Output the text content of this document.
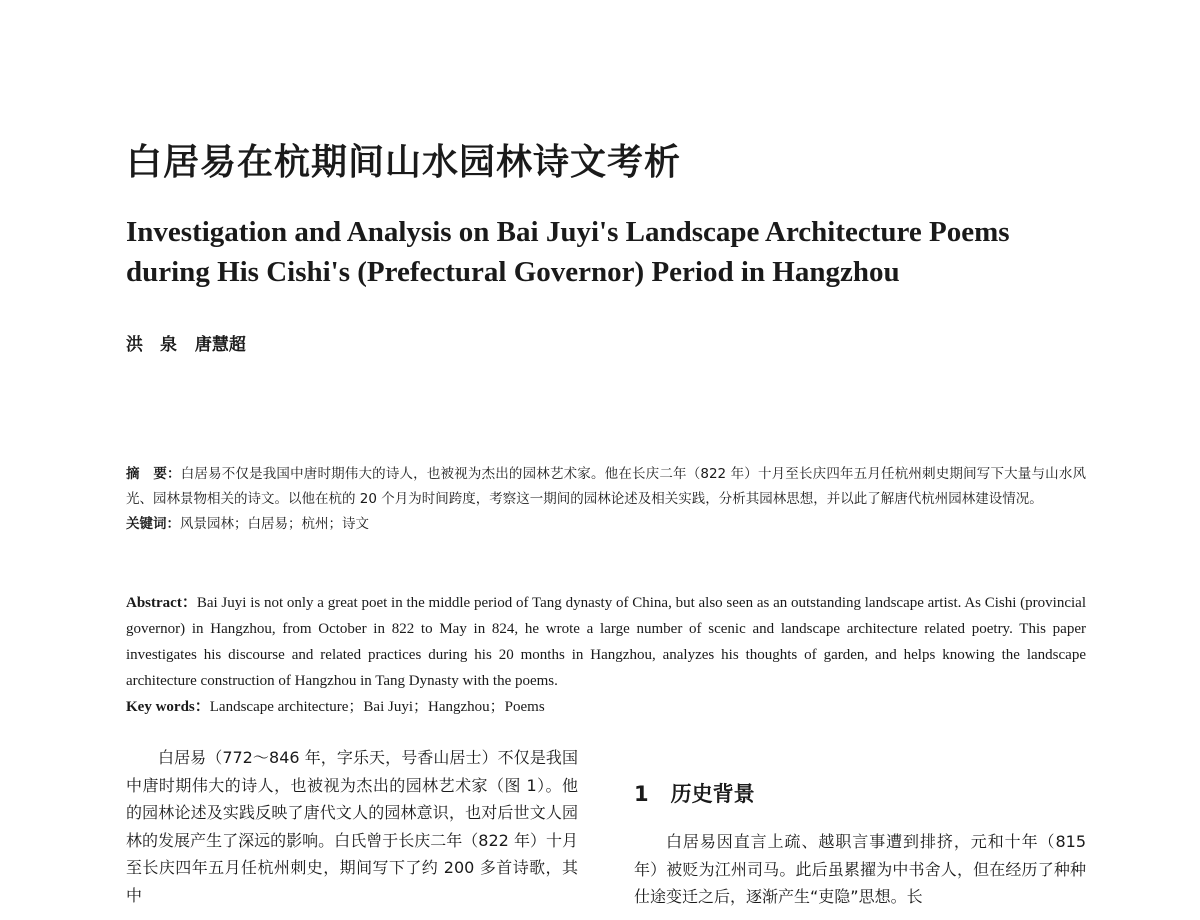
白居易在杭期间山水园林诗文考析
Investigation and Analysis on Bai Juyi's Landscape Architecture Poems
during His Cishi's (Prefectural Governor) Period in Hangzhou
洪　泉 唐慧超
摘　要：白居易不仅是我国中唐时期伟大的诗人，也被视为杰出的园林艺术家。他在长庆二年（822 年）十月至长庆四年五月任杭州刺史期间写下大量与山水风光、园林景物相关的诗文。以他在杭的 20 个月为时间跨度，考察这一期间的园林论述及相关实践，分析其园林思想，并以此了解唐代杭州园林建设情况。
关键词：风景园林；白居易；杭州；诗文
Abstract：Bai Juyi is not only a great poet in the middle period of Tang dynasty of China, but also seen as an outstanding landscape artist. As Cishi (provincial governor) in Hangzhou, from October in 822 to May in 824, he wrote a large number of scenic and landscape architecture related poetry. This paper investigates his discourse and related practices during his 20 months in Hangzhou, analyzes his thoughts of garden, and helps knowing the landscape architecture construction of Hangzhou in Tang Dynasty with the poems.
Key words：Landscape architecture；Bai Juyi；Hangzhou；Poems

白居易（772～846 年，字乐天，号香山居士）不仅是我国中唐时期伟大的诗人，也被视为杰出的园林艺术家（图 1）。他的园林论述及实践反映了唐代文人的园林意识，也对后世文人园林的发展产生了深远的影响。白氏曾于长庆二年（822 年）十月至长庆四年五月任杭州刺史，期间写下了约 200 多首诗歌，其中

1 历史背景

白居易因直言上疏、越职言事遭到排挤，元和十年（815 年）被贬为江州司马。此后虽累擢为中书舍人，但在经历了种种仕途变迁之后，逐渐产生“吏隐”思想。长
